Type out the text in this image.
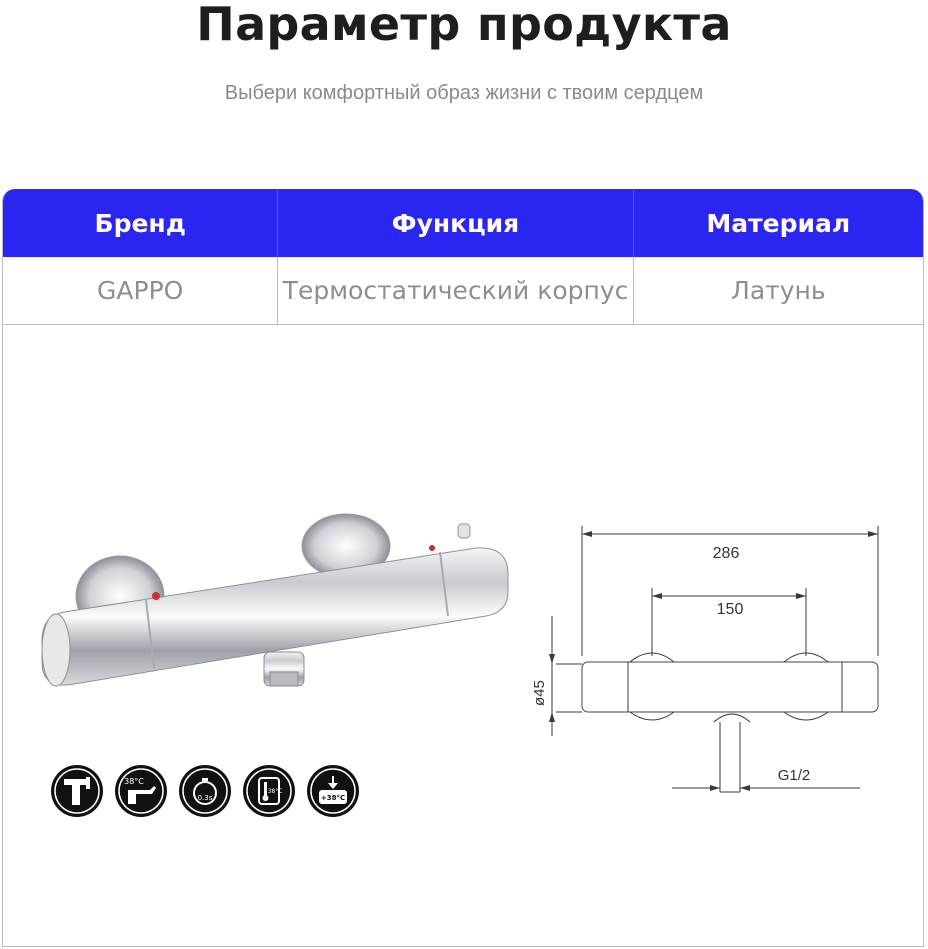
Параметр продукта
Выбери комфортный образ жизни с твоим сердцем
Бренд	Функция	Материал
GAPPO	Термостатический корпус	Латунь
286
150
ø45
G1/2
38°C
0.3s
38°C
+38°C
